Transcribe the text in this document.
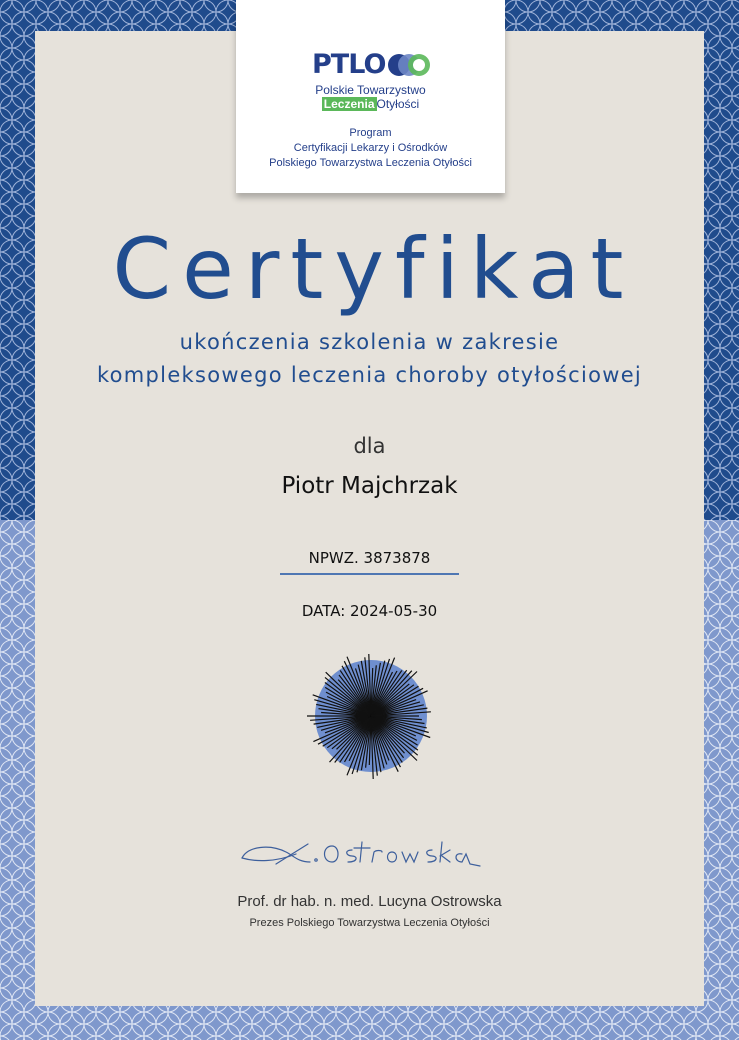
PTLO
Polskie Towarzystwo
Leczenia Otyłości
Program
Certyfikacji Lekarzy i Ośrodków
Polskiego Towarzystwa Leczenia Otyłości
Certyfikat
ukończenia szkolenia w zakresie
kompleksowego leczenia choroby otyłościowej
dla
Piotr Majchrzak
NPWZ. 3873878
DATA: 2024-05-30
Prof. dr hab. n. med. Lucyna Ostrowska
Prezes Polskiego Towarzystwa Leczenia Otyłości
